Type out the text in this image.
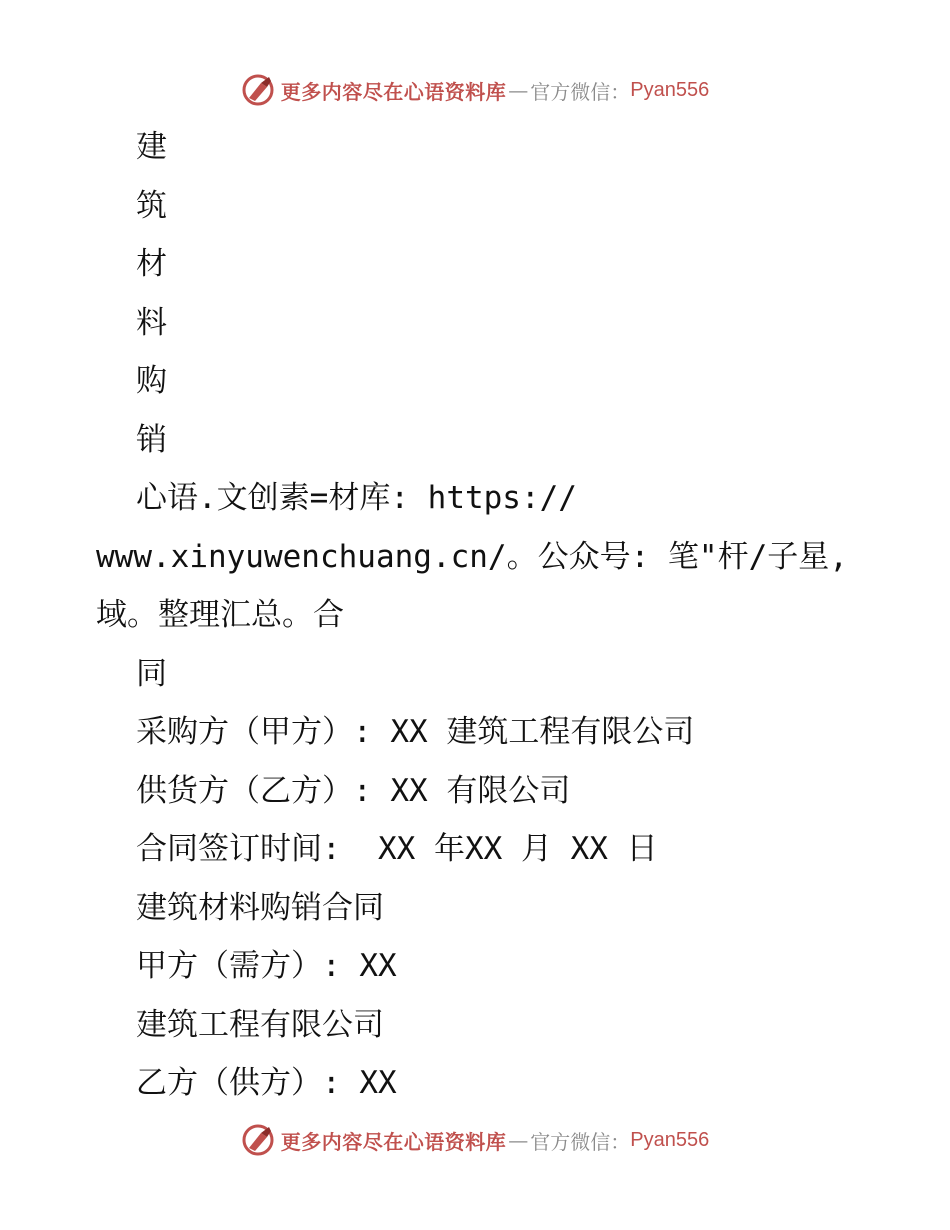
更多内容尽在心语资料库 — 官方微信： Pyan556
建
筑
材
料
购
销
心语.文创素=材库: https://
www.xinyuwenchuang.cn/。公众号: 笔"杆/子星,
域。整理汇总。合
同
采购方（甲方）: XX 建筑工程有限公司
供货方（乙方）: XX 有限公司
合同签订时间:  XX 年XX 月 XX 日
建筑材料购销合同
甲方（需方）: XX
建筑工程有限公司
乙方（供方）: XX
更多内容尽在心语资料库 — 官方微信： Pyan556
